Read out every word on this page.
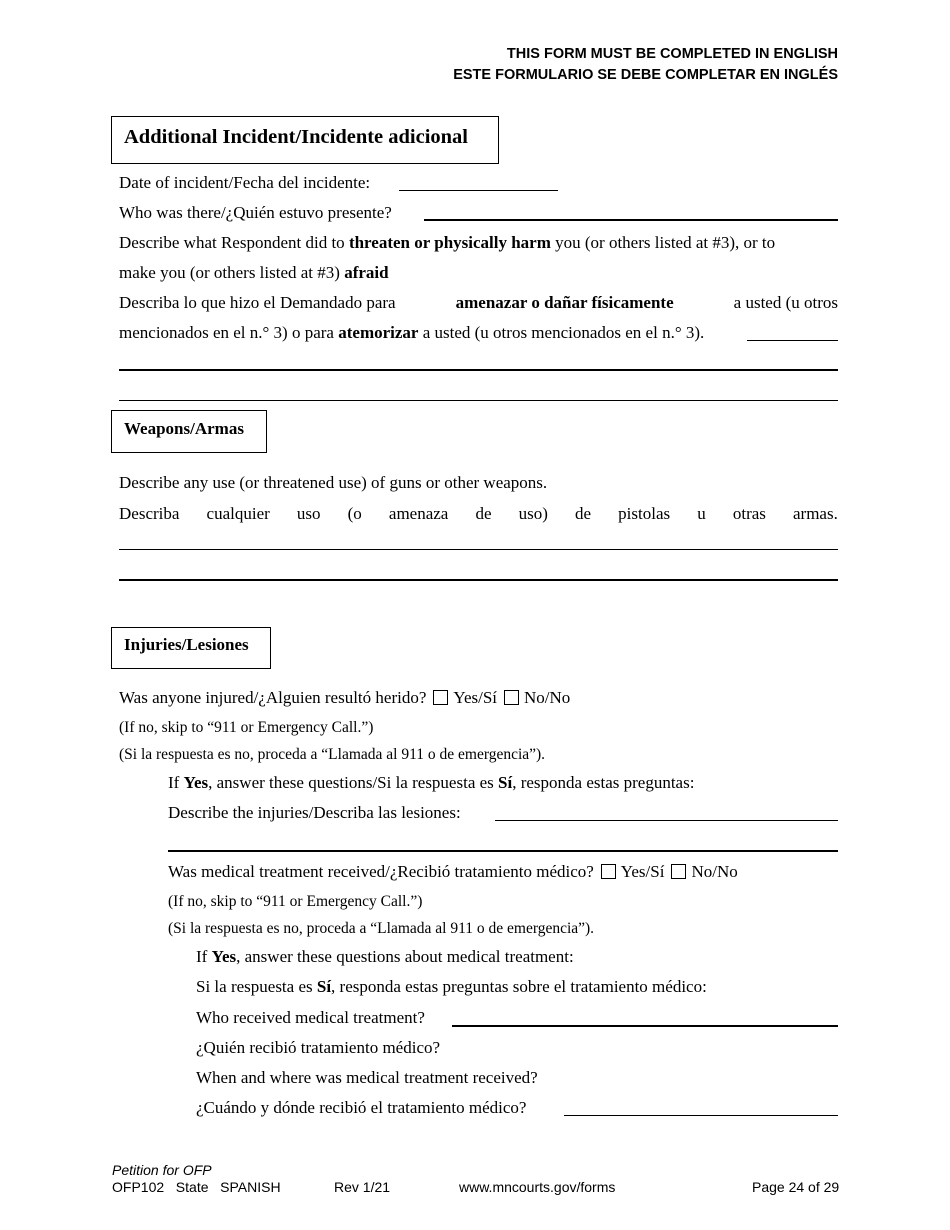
THIS FORM MUST BE COMPLETED IN ENGLISH
ESTE FORMULARIO SE DEBE COMPLETAR EN INGLÉS
Additional Incident/Incidente adicional
Date of incident/Fecha del incidente:
Who was there/¿Quién estuvo presente?
Describe what Respondent did to threaten or physically harm you (or others listed at #3), or to
make you (or others listed at #3) afraid
Describa lo que hizo el Demandado para	amenazar o dañar físicamente	a usted (u otros
mencionados en el n.° 3) o para atemorizar a usted (u otros mencionados en el n.° 3).
Weapons/Armas
Describe any use (or threatened use) of guns or other weapons.
Describa cualquier uso (o amenaza de uso) de pistolas u otras armas.
Injuries/Lesiones
Was anyone injured/¿Alguien resultó herido? Yes/Sí No/No
(If no, skip to “911 or Emergency Call.”)
(Si la respuesta es no, proceda a “Llamada al 911 o de emergencia”).
If Yes, answer these questions/Si la respuesta es Sí, responda estas preguntas:
Describe the injuries/Describa las lesiones:
Was medical treatment received/¿Recibió tratamiento médico? Yes/Sí No/No
(If no, skip to “911 or Emergency Call.”)
(Si la respuesta es no, proceda a “Llamada al 911 o de emergencia”).
If Yes, answer these questions about medical treatment:
Si la respuesta es Sí, responda estas preguntas sobre el tratamiento médico:
Who received medical treatment?
¿Quién recibió tratamiento médico?
When and where was medical treatment received?
¿Cuándo y dónde recibió el tratamiento médico?
Petition for OFP
OFP102   State   SPANISH	Rev 1/21	www.mncourts.gov/forms	Page 24 of 29
